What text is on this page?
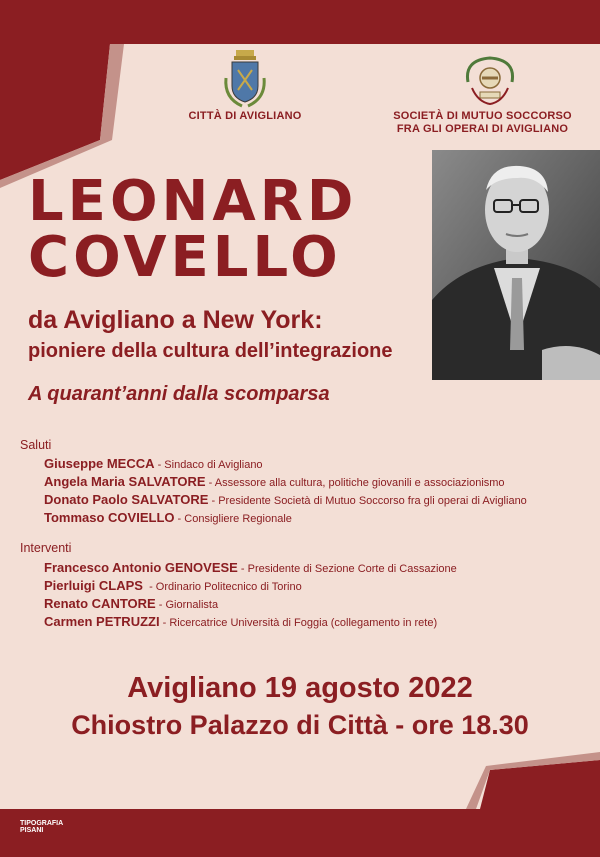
CITTÀ DI AVIGLIANO	SOCIETÀ DI MUTUO SOCCORSO
FRA GLI OPERAI DI AVIGLIANO
LEONARD
COVELLO
da Avigliano a New York:
pioniere della cultura dell’integrazione
A quarant’anni dalla scomparsa
Saluti
Giuseppe MECCA - Sindaco di Avigliano
Angela Maria SALVATORE - Assessore alla cultura, politiche giovanili e associazionismo
Donato Paolo SALVATORE - Presidente Società di Mutuo Soccorso fra gli operai di Avigliano
Tommaso COVIELLO - Consigliere Regionale
Interventi
Francesco Antonio GENOVESE - Presidente di Sezione Corte di Cassazione
Pierluigi CLAPS  - Ordinario Politecnico di Torino
Renato CANTORE - Giornalista
Carmen PETRUZZI - Ricercatrice Università di Foggia (collegamento in rete)
Avigliano 19 agosto 2022
Chiostro Palazzo di Città - ore 18.30
TIPOGRAFIA
PISANI
